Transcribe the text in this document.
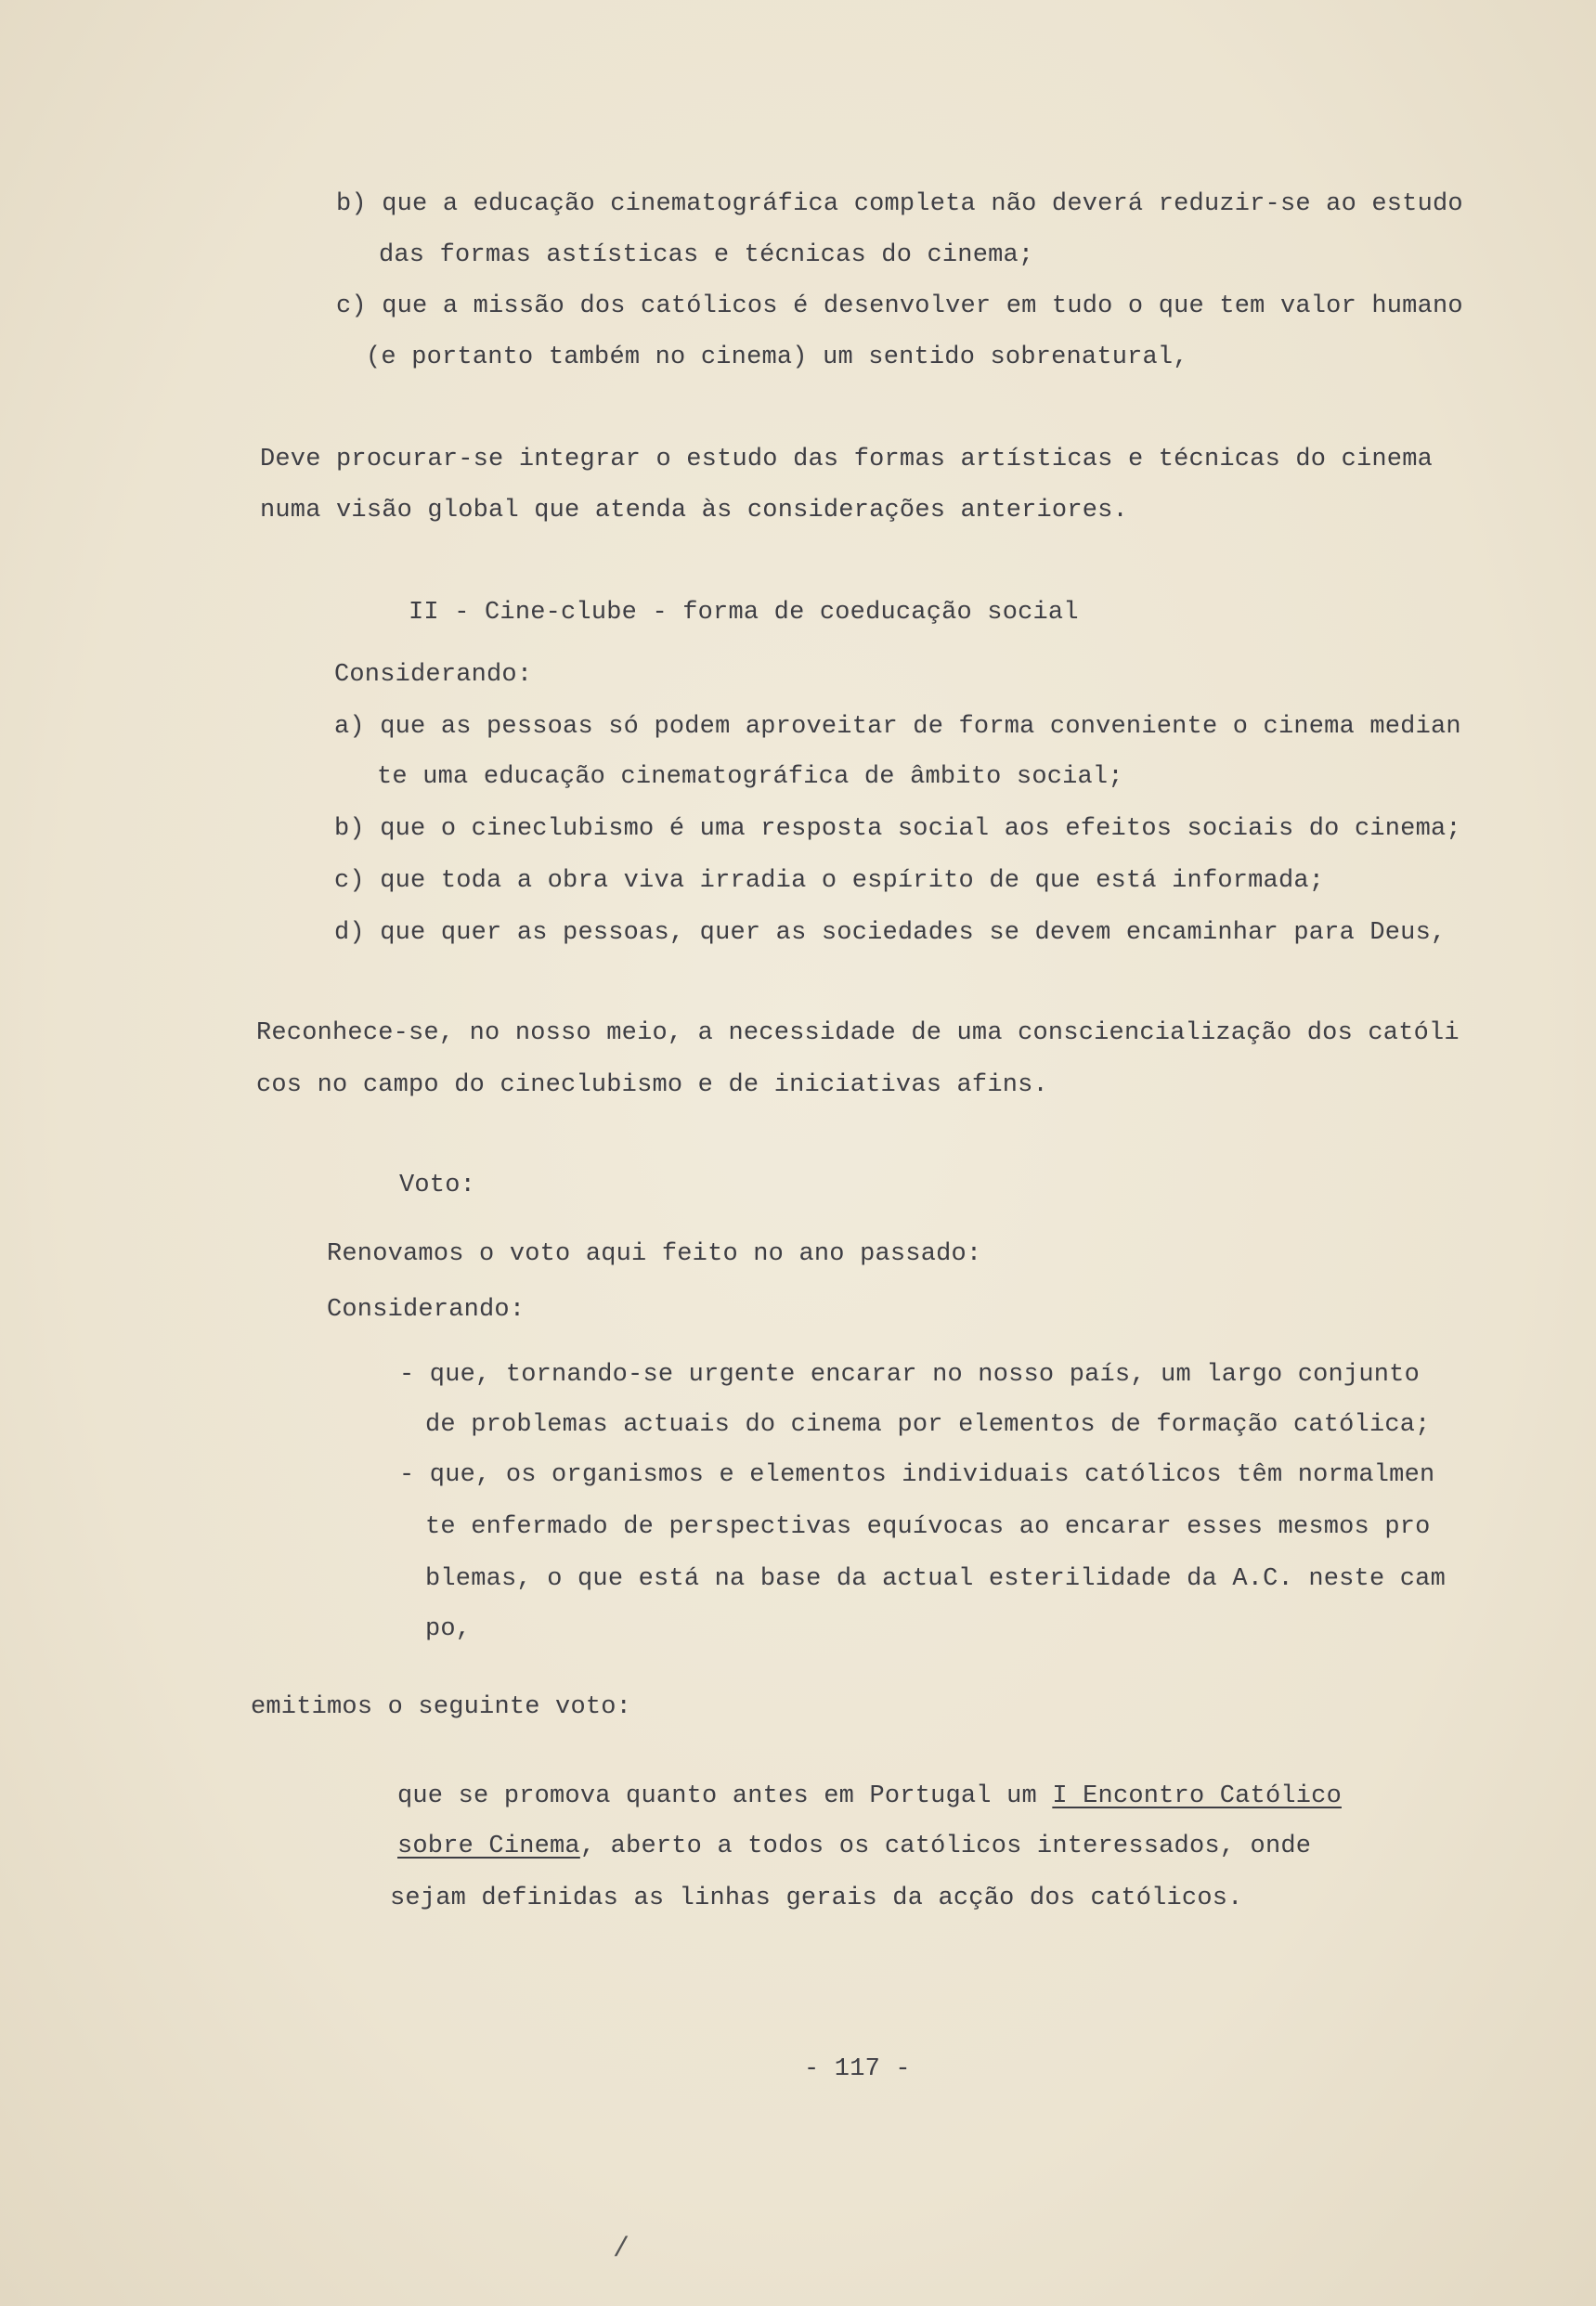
b) que a educação cinematográfica completa não deverá reduzir-se ao estudo
das formas astísticas e técnicas do cinema;
c) que a missão dos católicos é desenvolver em tudo o que tem valor humano
(e portanto também no cinema) um sentido sobrenatural,
Deve procurar-se integrar o estudo das formas artísticas e técnicas do cinema
numa visão global que atenda às considerações anteriores.
II - Cine-clube - forma de coeducação social
Considerando:
a) que as pessoas só podem aproveitar de forma conveniente o cinema median
te uma educação cinematográfica de âmbito social;
b) que o cineclubismo é uma resposta social aos efeitos sociais do cinema;
c) que toda a obra viva irradia o espírito de que está informada;
d) que quer as pessoas, quer as sociedades se devem encaminhar para Deus,
Reconhece-se, no nosso meio, a necessidade de uma consciencialização dos católi
cos no campo do cineclubismo e de iniciativas afins.
Voto:
Renovamos o voto aqui feito no ano passado:
Considerando:
- que, tornando-se urgente encarar no nosso país, um largo conjunto
de problemas actuais do cinema por elementos de formação católica;
- que, os organismos e elementos individuais católicos têm normalmen
te enfermado de perspectivas equívocas ao encarar esses mesmos pro
blemas, o que está na base da actual esterilidade da A.C. neste cam
po,
emitimos o seguinte voto:
que se promova quanto antes em Portugal um I Encontro Católico
sobre Cinema, aberto a todos os católicos interessados, onde
sejam definidas as linhas gerais da acção dos católicos.
- 117 -
/
